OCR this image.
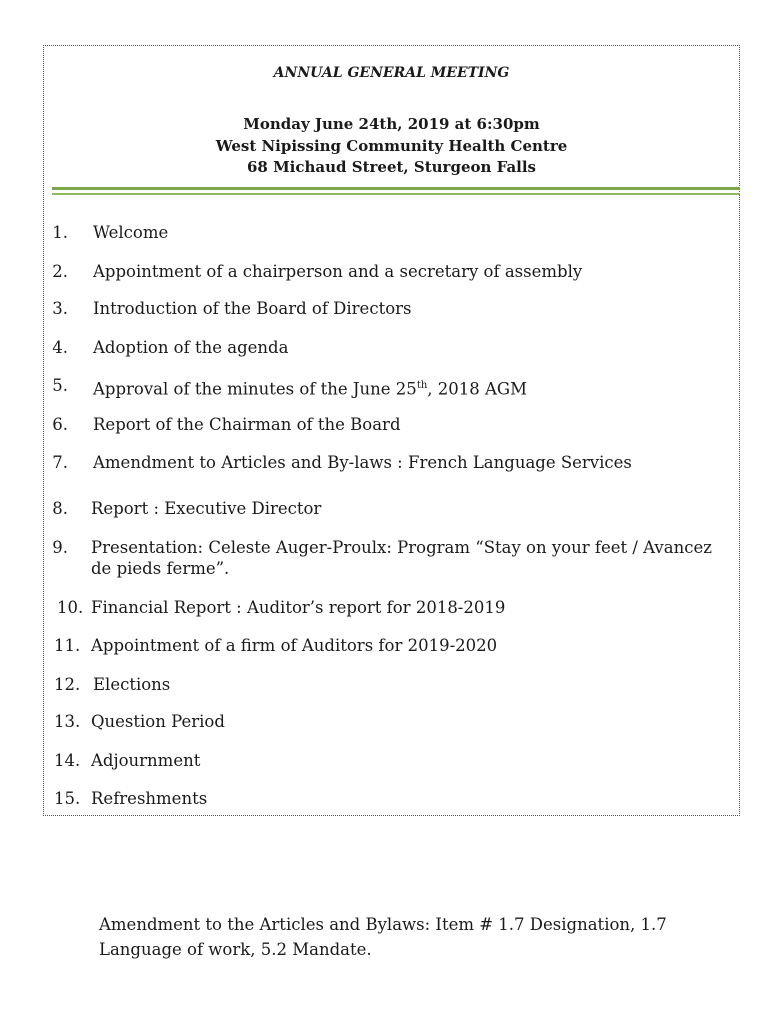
ANNUAL GENERAL MEETING
Monday June 24th, 2019 at 6:30pm
West Nipissing Community Health Centre
68 Michaud Street, Sturgeon Falls
1. Welcome
2. Appointment of a chairperson and a secretary of assembly
3. Introduction of the Board of Directors
4. Adoption of the agenda
5. Approval of the minutes of the June 25th, 2018 AGM
6. Report of the Chairman of the Board
7. Amendment to Articles and By-laws : French Language Services
8. Report : Executive Director
9. Presentation: Celeste Auger-Proulx: Program “Stay on your feet / Avancez de pieds ferme”.
10. Financial Report : Auditor’s report for 2018-2019
11. Appointment of a firm of Auditors for 2019-2020
12. Elections
13. Question Period
14. Adjournment
15. Refreshments
Amendment to the Articles and Bylaws: Item # 1.7 Designation, 1.7 Language of work, 5.2 Mandate.
